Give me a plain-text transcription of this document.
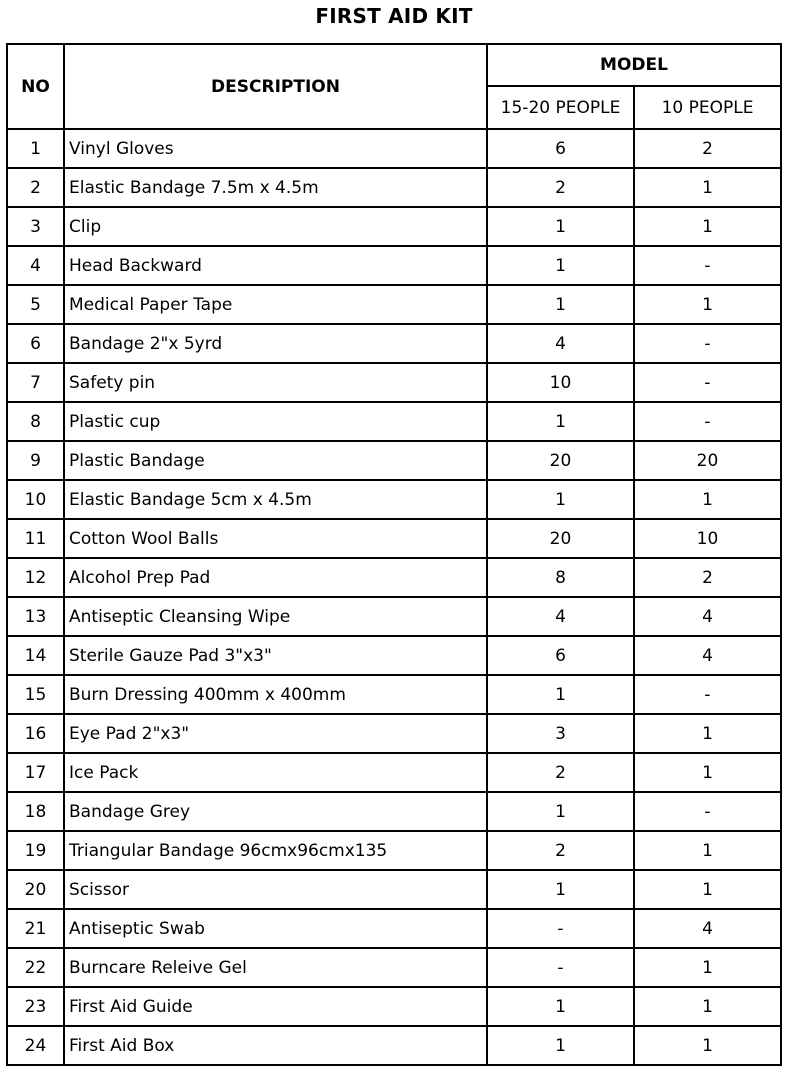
FIRST AID KIT
NO	DESCRIPTION	MODEL	
		15-20 PEOPLE	10 PEOPLE
1	Vinyl Gloves	6	2
2	Elastic Bandage 7.5m x 4.5m	2	1
3	Clip	1	1
4	Head Backward	1	-
5	Medical Paper Tape	1	1
6	Bandage 2"x 5yrd	4	-
7	Safety pin	10	-
8	Plastic cup	1	-
9	Plastic Bandage	20	20
10	Elastic Bandage 5cm x 4.5m	1	1
11	Cotton Wool Balls	20	10
12	Alcohol Prep Pad	8	2
13	Antiseptic Cleansing Wipe	4	4
14	Sterile Gauze Pad 3"x3"	6	4
15	Burn Dressing 400mm x 400mm	1	-
16	Eye Pad 2"x3"	3	1
17	Ice Pack	2	1
18	Bandage Grey	1	-
19	Triangular Bandage 96cmx96cmx135	2	1
20	Scissor	1	1
21	Antiseptic Swab	-	4
22	Burncare Releive Gel	-	1
23	First Aid Guide	1	1
24	First Aid Box	1	1
